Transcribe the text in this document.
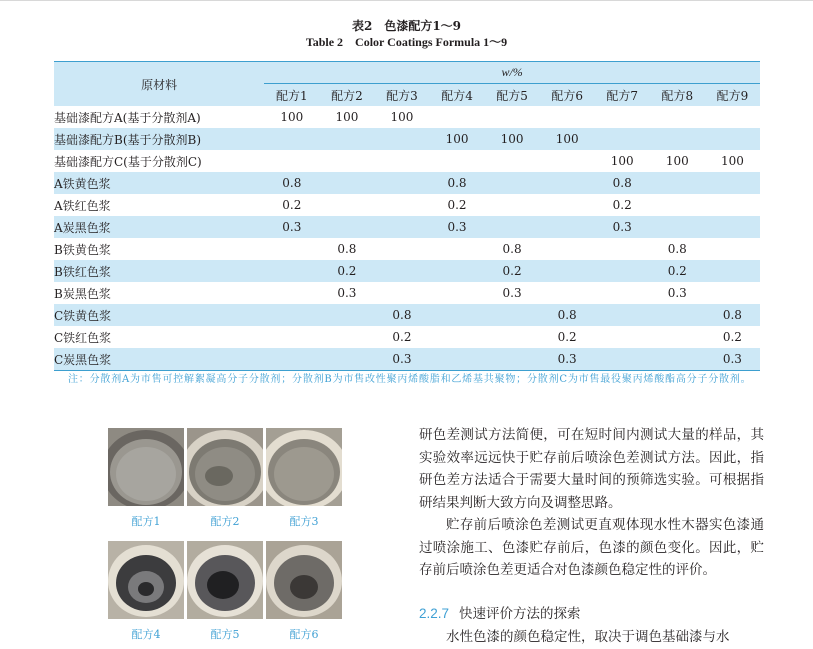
表2　色漆配方1～9
Table 2　Color Coatings Formula 1～9
原材料	w/%								
	配方1	配方2	配方3	配方4	配方5	配方6	配方7	配方8	配方9
基础漆配方A(基于分散剂A)	100	100	100						
基础漆配方B(基于分散剂B)				100	100	100			
基础漆配方C(基于分散剂C)							100	100	100
A铁黄色浆	0.8			0.8			0.8		
A铁红色浆	0.2			0.2			0.2		
A炭黑色浆	0.3			0.3			0.3		
B铁黄色浆		0.8			0.8			0.8	
B铁红色浆		0.2			0.2			0.2	
B炭黑色浆		0.3			0.3			0.3	
C铁黄色浆			0.8			0.8			0.8
C铁红色浆			0.2			0.2			0.2
C炭黑色浆			0.3			0.3			0.3
注：分散剂A为市售可控解絮凝高分子分散剂；分散剂B为市售改性聚丙烯酸脂和乙烯基共聚物；分散剂C为市售最役聚丙烯酸酯高分子分散剂。
配方1	配方2	配方3
配方4	配方5	配方6
研色差测试方法简便，可在短时间内测试大量的样品，其实验效率远远快于贮存前后喷涂色差测试方法。因此，指研色差方法适合于需要大量时间的预筛选实验。可根据指研结果判断大致方向及调整思路。
贮存前后喷涂色差测试更直观体现水性木器实色漆通过喷涂施工、色漆贮存前后，色漆的颜色变化。因此，贮存前后喷涂色差更适合对色漆颜色稳定性的评价。
2.2.7 快速评价方法的探索
水性色漆的颜色稳定性，取决于调色基础漆与水
